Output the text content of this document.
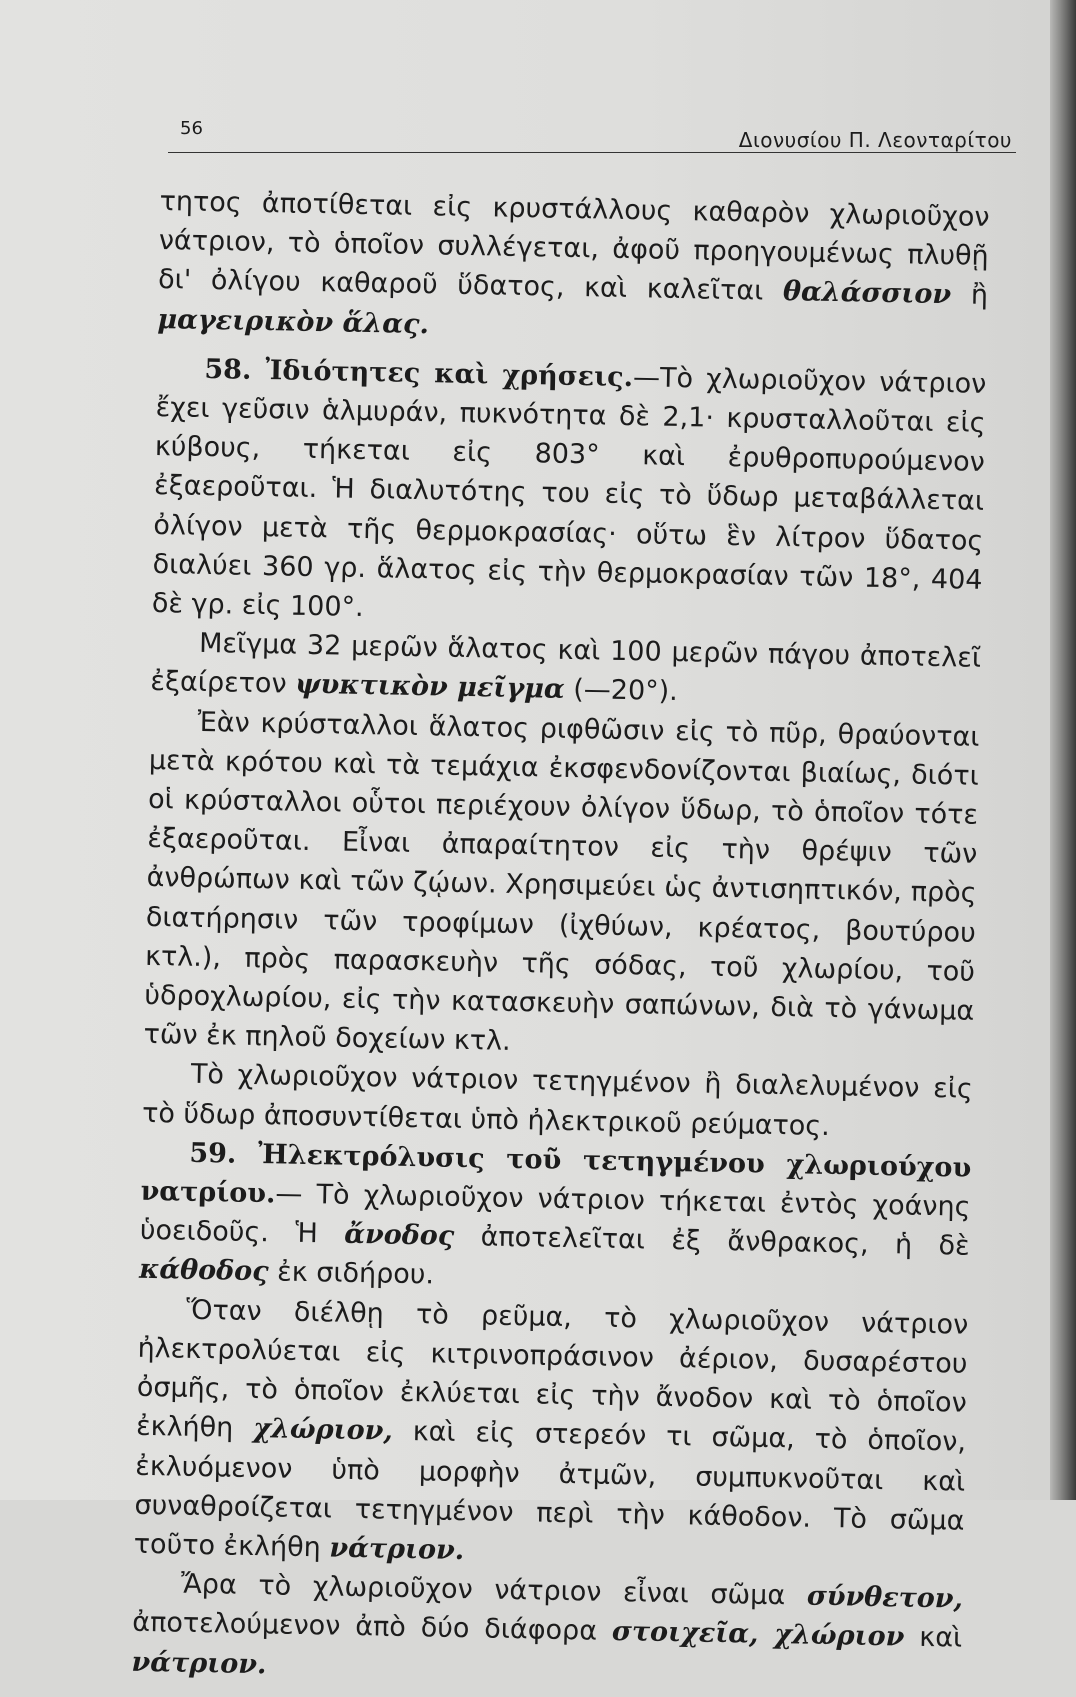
56	Διονυσίου Π. Λεονταρίτου

τητος ἀποτίθεται εἰς κρυστάλλους καθαρὸν χλωριοῦχον νάτριον, τὸ ὁποῖον συλλέγεται, ἀφοῦ προηγουμένως πλυθῇ δι' ὀλίγου καθαροῦ ὕδατος, καὶ καλεῖται θαλάσσιον ἢ μαγειρικὸν ἅλας.

58. Ἰδιότητες καὶ χρήσεις.—Τὸ χλωριοῦχον νάτριον ἔχει γεῦσιν ἁλμυράν, πυκνότητα δὲ 2,1· κρυσταλλοῦται εἰς κύβους, τήκεται εἰς 803° καὶ ἐρυθροπυρούμενον ἐξαεροῦται. Ἡ διαλυτότης του εἰς τὸ ὕδωρ μεταβάλλεται ὀλίγον μετὰ τῆς θερμοκρασίας· οὕτω ἓν λίτρον ὕδατος διαλύει 360 γρ. ἅλατος εἰς τὴν θερμοκρασίαν τῶν 18°, 404 δὲ γρ. εἰς 100°.

Μεῖγμα 32 μερῶν ἅλατος καὶ 100 μερῶν πάγου ἀποτελεῖ ἐξαίρετον ψυκτικὸν μεῖγμα (—20°).

Ἐὰν κρύσταλλοι ἅλατος ριφθῶσιν εἰς τὸ πῦρ, θραύονται μετὰ κρότου καὶ τὰ τεμάχια ἐκσφενδονίζονται βιαίως, διότι οἱ κρύσταλλοι οὗτοι περιέχουν ὀλίγον ὕδωρ, τὸ ὁποῖον τότε ἐξαεροῦται. Εἶναι ἀπαραίτητον εἰς τὴν θρέψιν τῶν ἀνθρώπων καὶ τῶν ζῴων. Χρησιμεύει ὡς ἀντισηπτικόν, πρὸς διατήρησιν τῶν τροφίμων (ἰχθύων, κρέατος, βουτύρου κτλ.), πρὸς παρασκευὴν τῆς σόδας, τοῦ χλωρίου, τοῦ ὑδροχλωρίου, εἰς τὴν κατασκευὴν σαπώνων, διὰ τὸ γάνωμα τῶν ἐκ πηλοῦ δοχείων κτλ.

Τὸ χλωριοῦχον νάτριον τετηγμένον ἢ διαλελυμένον εἰς τὸ ὕδωρ ἀποσυντίθεται ὑπὸ ἠλεκτρικοῦ ρεύματος.

59. Ἠλεκτρόλυσις τοῦ τετηγμένου χλωριούχου νατρίου.— Τὸ χλωριοῦχον νάτριον τήκεται ἐντὸς χοάνης ὑοειδοῦς. Ἡ ἄνοδος ἀποτελεῖται ἐξ ἄνθρακος, ἡ δὲ κάθοδος ἐκ σιδήρου.

Ὅταν διέλθῃ τὸ ρεῦμα, τὸ χλωριοῦχον νάτριον ἠλεκτρολύεται εἰς κιτρινοπράσινον ἀέριον, δυσαρέστου ὀσμῆς, τὸ ὁποῖον ἐκλύεται εἰς τὴν ἄνοδον καὶ τὸ ὁποῖον ἐκλήθη χλώριον, καὶ εἰς στερεόν τι σῶμα, τὸ ὁποῖον, ἐκλυόμενον ὑπὸ μορφὴν ἀτμῶν, συμπυκνοῦται καὶ συναθροίζεται τετηγμένον περὶ τὴν κάθοδον. Τὸ σῶμα τοῦτο ἐκλήθη νάτριον.

Ἄρα τὸ χλωριοῦχον νάτριον εἶναι σῶμα σύνθετον, ἀποτελούμενον ἀπὸ δύο διάφορα στοιχεῖα, χλώριον καὶ νάτριον.
